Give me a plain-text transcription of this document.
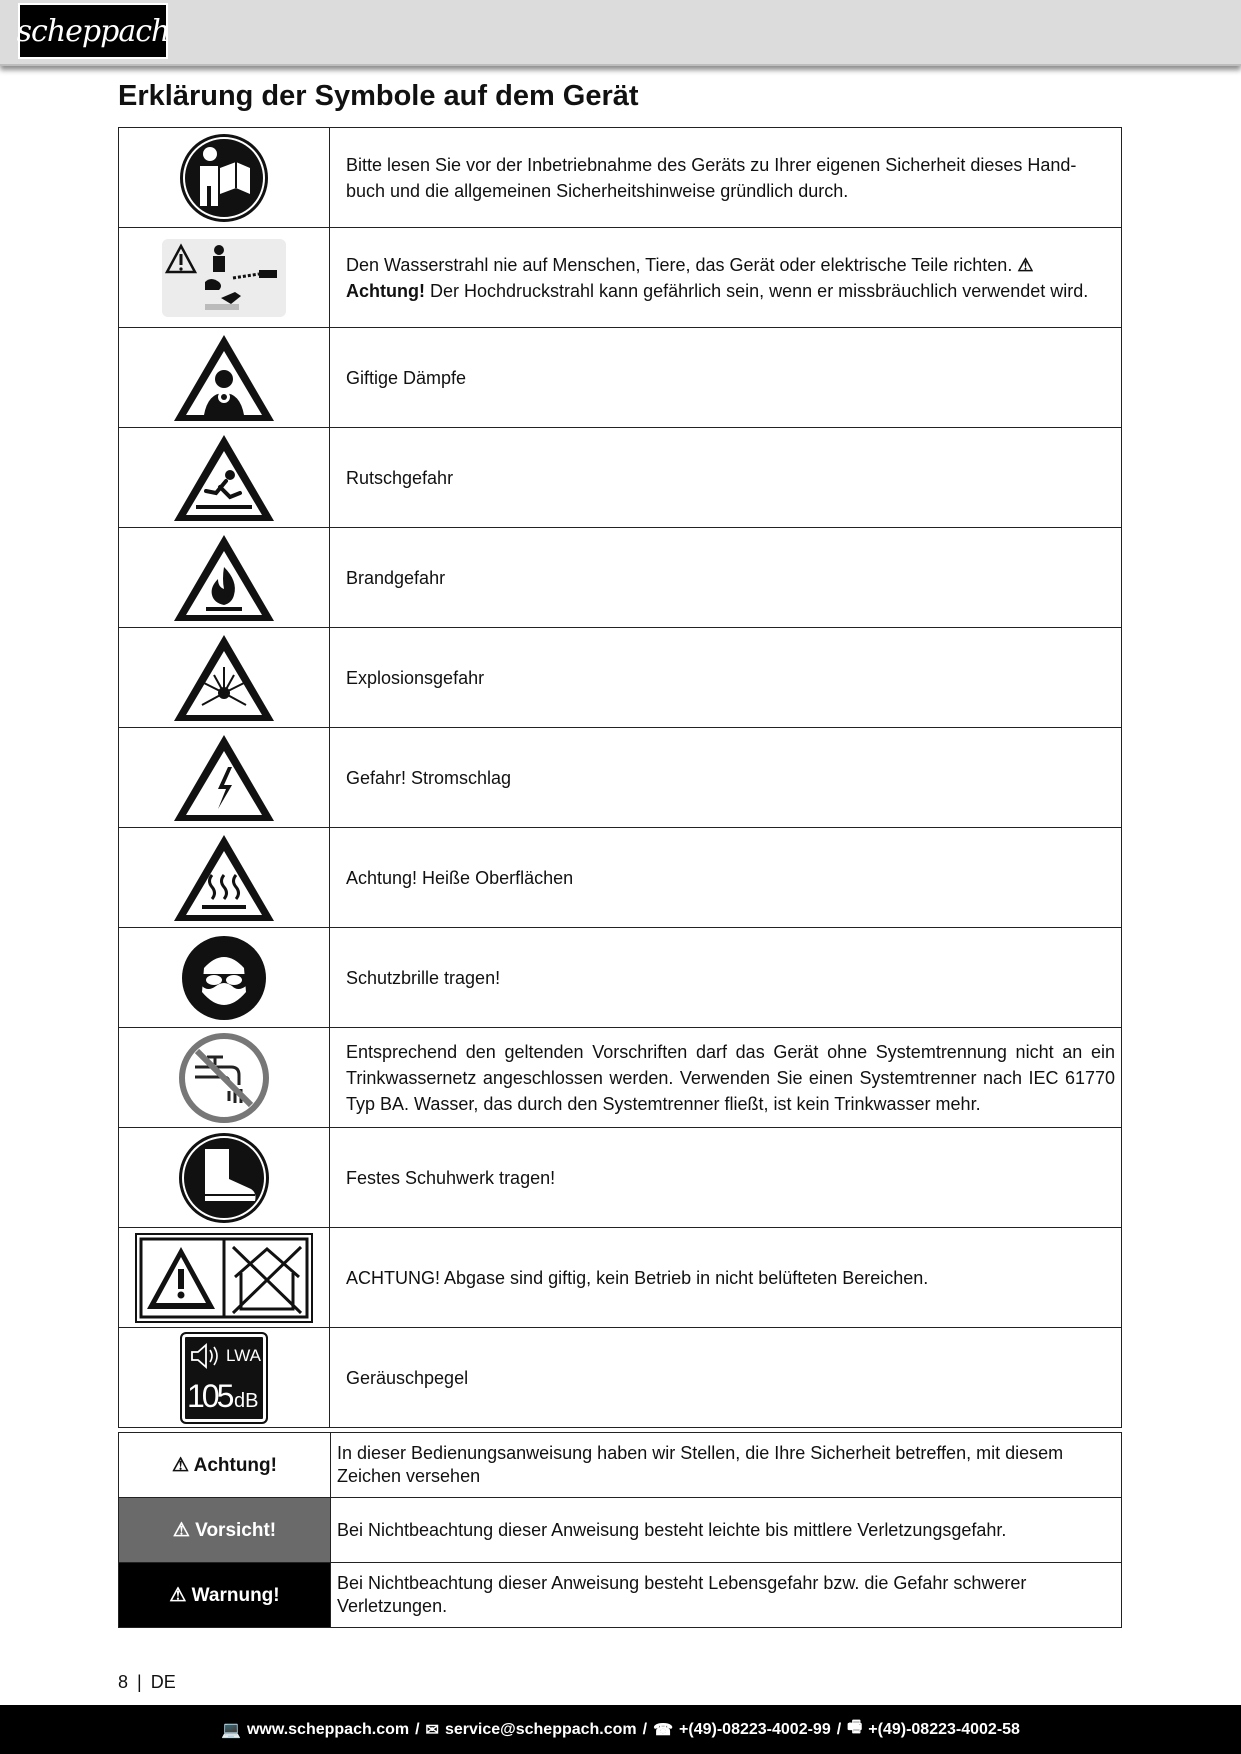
scheppach
Erklärung der Symbole auf dem Gerät
	Bitte lesen Sie vor der Inbetriebnahme des Geräts zu Ihrer eigenen Sicherheit dieses Hand-buch und die allgemeinen Sicherheitshinweise gründlich durch.

	Den Wasserstrahl nie auf Menschen, Tiere, das Gerät oder elektrische Teile richten. ⚠ Achtung! Der Hochdruckstrahl kann gefährlich sein, wenn er missbräuchlich verwendet wird.

	Giftige Dämpfe

	Rutschgefahr

	Brandgefahr

	Explosionsgefahr

	Gefahr! Stromschlag

	Achtung! Heiße Oberflächen

	Schutzbrille tragen!

	Entsprechend den geltenden Vorschriften darf das Gerät ohne Systemtrennung nicht an ein Trinkwassernetz angeschlossen werden. Verwenden Sie einen Systemtrenner nach IEC 61770 Typ BA. Wasser, das durch den Systemtrenner fließt, ist kein Trinkwasser mehr.

	Festes Schuhwerk tragen!

	ACHTUNG! Abgase sind giftig, kein Betrieb in nicht belüfteten Bereichen.

LWA
105 dB	Geräuschpegel
⚠ Achtung!	In dieser Bedienungsanweisung haben wir Stellen, die Ihre Sicherheit betreffen, mit diesem Zeichen versehen
⚠ Vorsicht!	Bei Nichtbeachtung dieser Anweisung besteht leichte bis mittlere Verletzungsgefahr.
⚠ Warnung!	Bei Nichtbeachtung dieser Anweisung besteht Lebensgefahr bzw. die Gefahr schwerer Verletzungen.
8 | DE
💻 www.scheppach.com / ✉ service@scheppach.com / ☎ +(49)-08223-4002-99 / 🖷 +(49)-08223-4002-58
